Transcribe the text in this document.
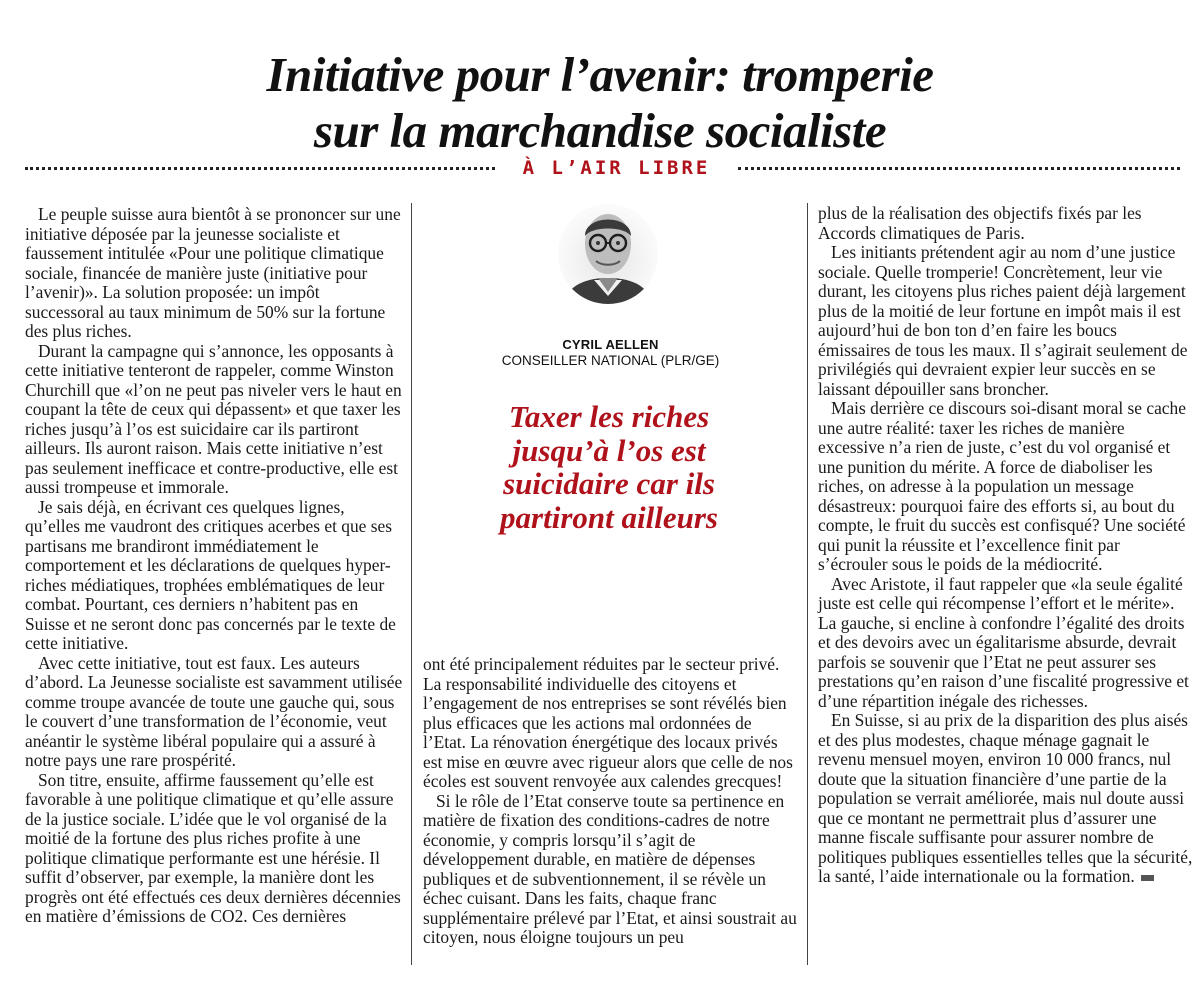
Initiative pour l’avenir: tromperie
sur la marchandise socialiste
À L’AIR LIBRE

Le peuple suisse aura bientôt à se prononcer sur une initiative déposée par la jeunesse socialiste et faussement intitulée «Pour une politique climatique sociale, financée de manière juste (initiative pour l’avenir)». La solution proposée: un impôt successoral au taux minimum de 50% sur la fortune des plus riches.

Durant la campagne qui s’annonce, les opposants à cette initiative tenteront de rappeler, comme Winston Churchill que «l’on ne peut pas niveler vers le haut en coupant la tête de ceux qui dépassent» et que taxer les riches jusqu’à l’os est suicidaire car ils partiront ailleurs. Ils auront raison. Mais cette initiative n’est pas seulement inefficace et contre-productive, elle est aussi trompeuse et immorale.

Je sais déjà, en écrivant ces quelques lignes, qu’elles me vaudront des critiques acerbes et que ses partisans me brandiront immédiatement le comportement et les déclarations de quelques hyper-riches médiatiques, trophées emblématiques de leur combat. Pourtant, ces derniers n’habitent pas en Suisse et ne seront donc pas concernés par le texte de cette initiative.

Avec cette initiative, tout est faux. Les auteurs d’abord. La Jeunesse socialiste est savamment utilisée comme troupe avancée de toute une gauche qui, sous le couvert d’une transformation de l’économie, veut anéantir le système libéral populaire qui a assuré à notre pays une rare prospérité.

Son titre, ensuite, affirme faussement qu’elle est favorable à une politique climatique et qu’elle assure de la justice sociale. L’idée que le vol organisé de la moitié de la fortune des plus riches profite à une politique climatique performante est une hérésie. Il suffit d’observer, par exemple, la manière dont les progrès ont été effectués ces deux dernières décennies en matière d’émissions de CO2. Ces dernières

CYRIL AELLEN
CONSEILLER NATIONAL (PLR/GE)
Taxer les riches
jusqu’à l’os est
suicidaire car ils
partiront ailleurs

ont été principalement réduites par le secteur privé. La responsabilité individuelle des citoyens et l’engagement de nos entreprises se sont révélés bien plus efficaces que les actions mal ordonnées de l’Etat. La rénovation énergétique des locaux privés est mise en œuvre avec rigueur alors que celle de nos écoles est souvent renvoyée aux calendes grecques!

Si le rôle de l’Etat conserve toute sa pertinence en matière de fixation des conditions-cadres de notre économie, y compris lorsqu’il s’agit de développement durable, en matière de dépenses publiques et de subventionnement, il se révèle un échec cuisant. Dans les faits, chaque franc supplémentaire prélevé par l’Etat, et ainsi soustrait au citoyen, nous éloigne toujours un peu

plus de la réalisation des objectifs fixés par les Accords climatiques de Paris.

Les initiants prétendent agir au nom d’une justice sociale. Quelle tromperie! Concrètement, leur vie durant, les citoyens plus riches paient déjà largement plus de la moitié de leur fortune en impôt mais il est aujourd’hui de bon ton d’en faire les boucs émissaires de tous les maux. Il s’agirait seulement de privilégiés qui devraient expier leur succès en se laissant dépouiller sans broncher.

Mais derrière ce discours soi-disant moral se cache une autre réalité: taxer les riches de manière excessive n’a rien de juste, c’est du vol organisé et une punition du mérite. A force de diaboliser les riches, on adresse à la population un message désastreux: pourquoi faire des efforts si, au bout du compte, le fruit du succès est confisqué? Une société qui punit la réussite et l’excellence finit par s’écrouler sous le poids de la médiocrité.

Avec Aristote, il faut rappeler que «la seule égalité juste est celle qui récompense l’effort et le mérite». La gauche, si encline à confondre l’égalité des droits et des devoirs avec un égalitarisme absurde, devrait parfois se souvenir que l’Etat ne peut assurer ses prestations qu’en raison d’une fiscalité progressive et d’une répartition inégale des richesses.

En Suisse, si au prix de la disparition des plus aisés et des plus modestes, chaque ménage gagnait le revenu mensuel moyen, environ 10 000 francs, nul doute que la situation financière d’une partie de la population se verrait améliorée, mais nul doute aussi que ce montant ne permettrait plus d’assurer une manne fiscale suffisante pour assurer nombre de politiques publiques essentielles telles que la sécurité, la santé, l’aide internationale ou la formation.
